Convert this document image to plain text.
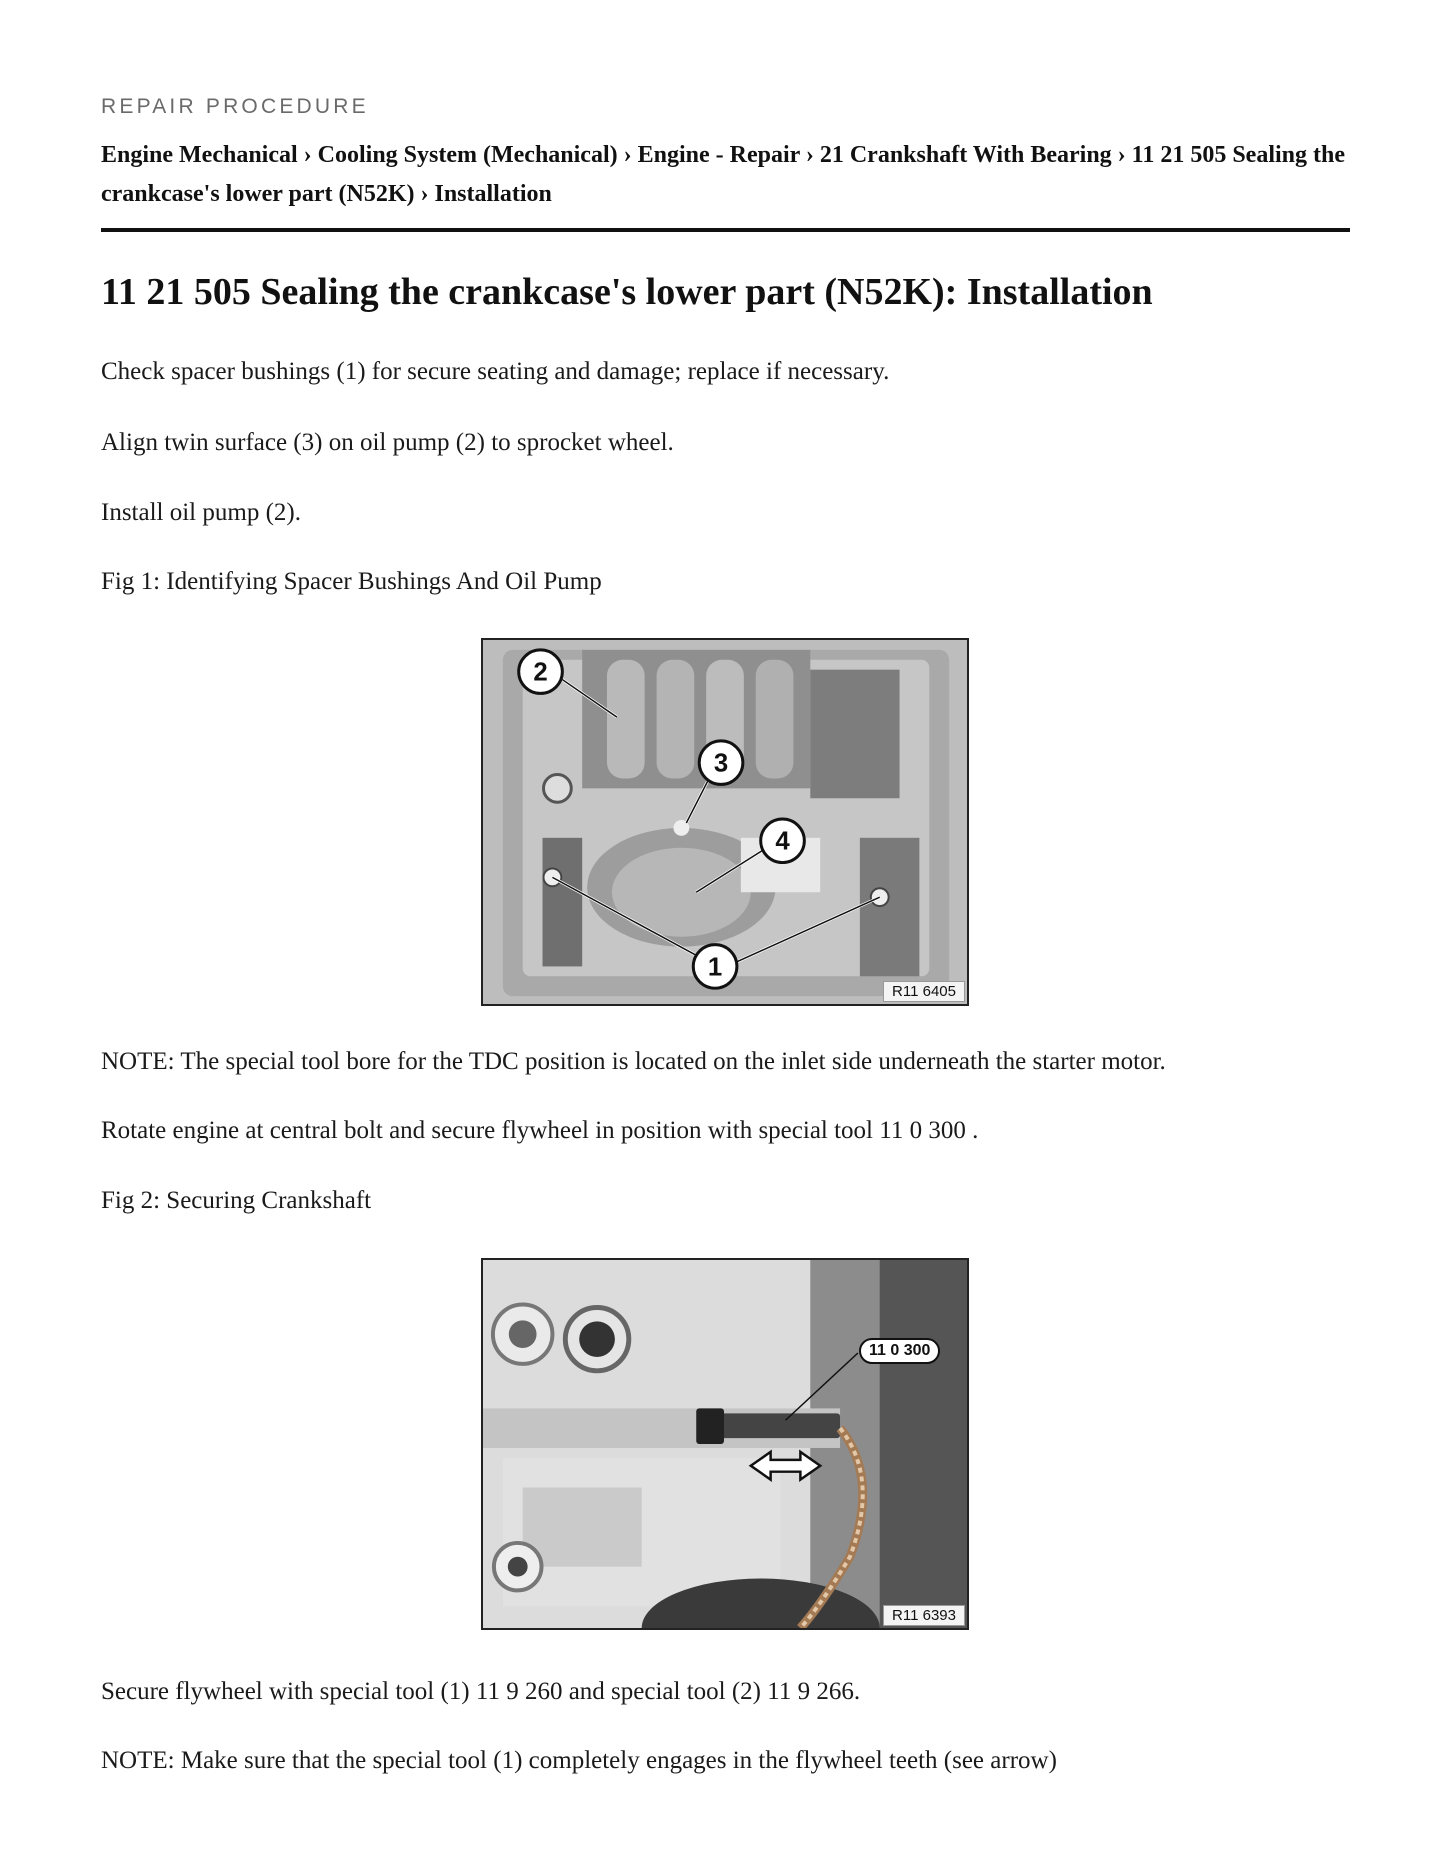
REPAIR PROCEDURE
Engine Mechanical › Cooling System (Mechanical) › Engine - Repair › 21 Crankshaft With Bearing › 11 21 505 Sealing the crankcase's lower part (N52K) › Installation
11 21 505 Sealing the crankcase's lower part (N52K): Installation

Check spacer bushings (1) for secure seating and damage; replace if necessary.

Align twin surface (3) on oil pump (2) to sprocket wheel.

Install oil pump (2).

Fig 1: Identifying Spacer Bushings And Oil Pump

2
3
4
1
R11 6405

NOTE: The special tool bore for the TDC position is located on the inlet side underneath the starter motor.

Rotate engine at central bolt and secure flywheel in position with special tool 11 0 300 .

Fig 2: Securing Crankshaft

11 0 300
R11 6393

Secure flywheel with special tool (1) 11 9 260 and special tool (2) 11 9 266.

NOTE: Make sure that the special tool (1) completely engages in the flywheel teeth (see arrow)
